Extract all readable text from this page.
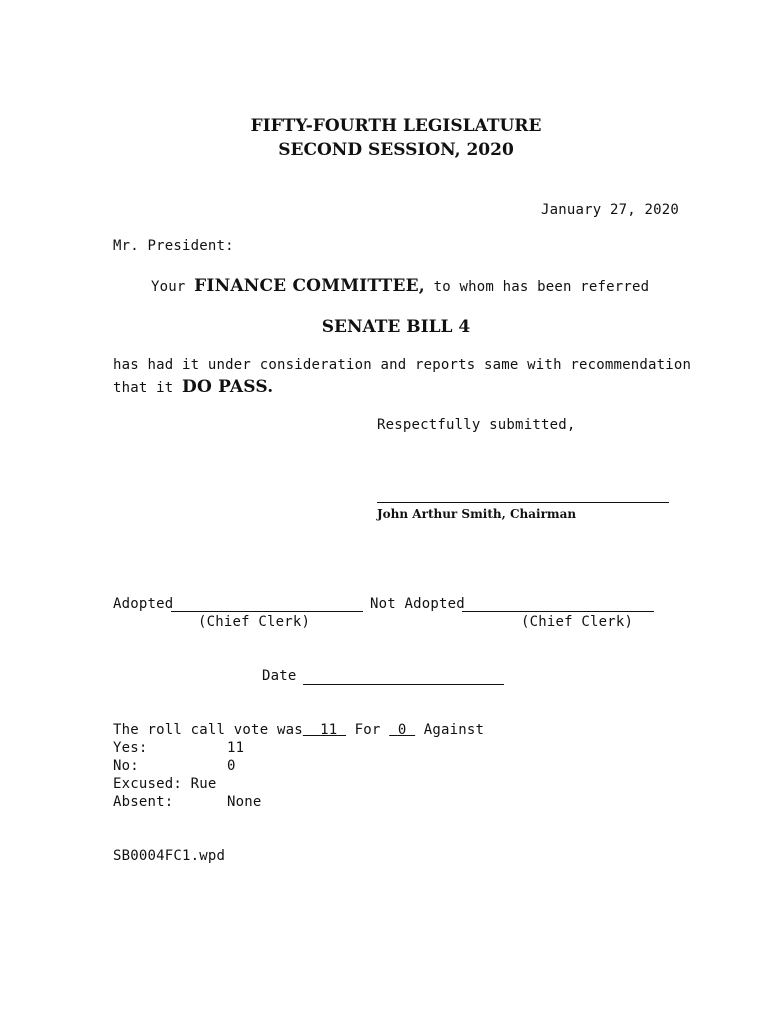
FIFTY-FOURTH LEGISLATURE
SECOND SESSION, 2020
January 27, 2020
Mr. President:
Your FINANCE COMMITTEE, to whom has been referred
SENATE BILL 4
has had it under consideration and reports same with recommendation
that it DO PASS.
Respectfully submitted,
John Arthur Smith, Chairman
Adopted
(Chief Clerk)
Not Adopted
(Chief Clerk)
Date
The roll call vote was 11 For 0 Against
Yes:	11
No:	0
Excused: Rue
Absent:	None
SB0004FC1.wpd
